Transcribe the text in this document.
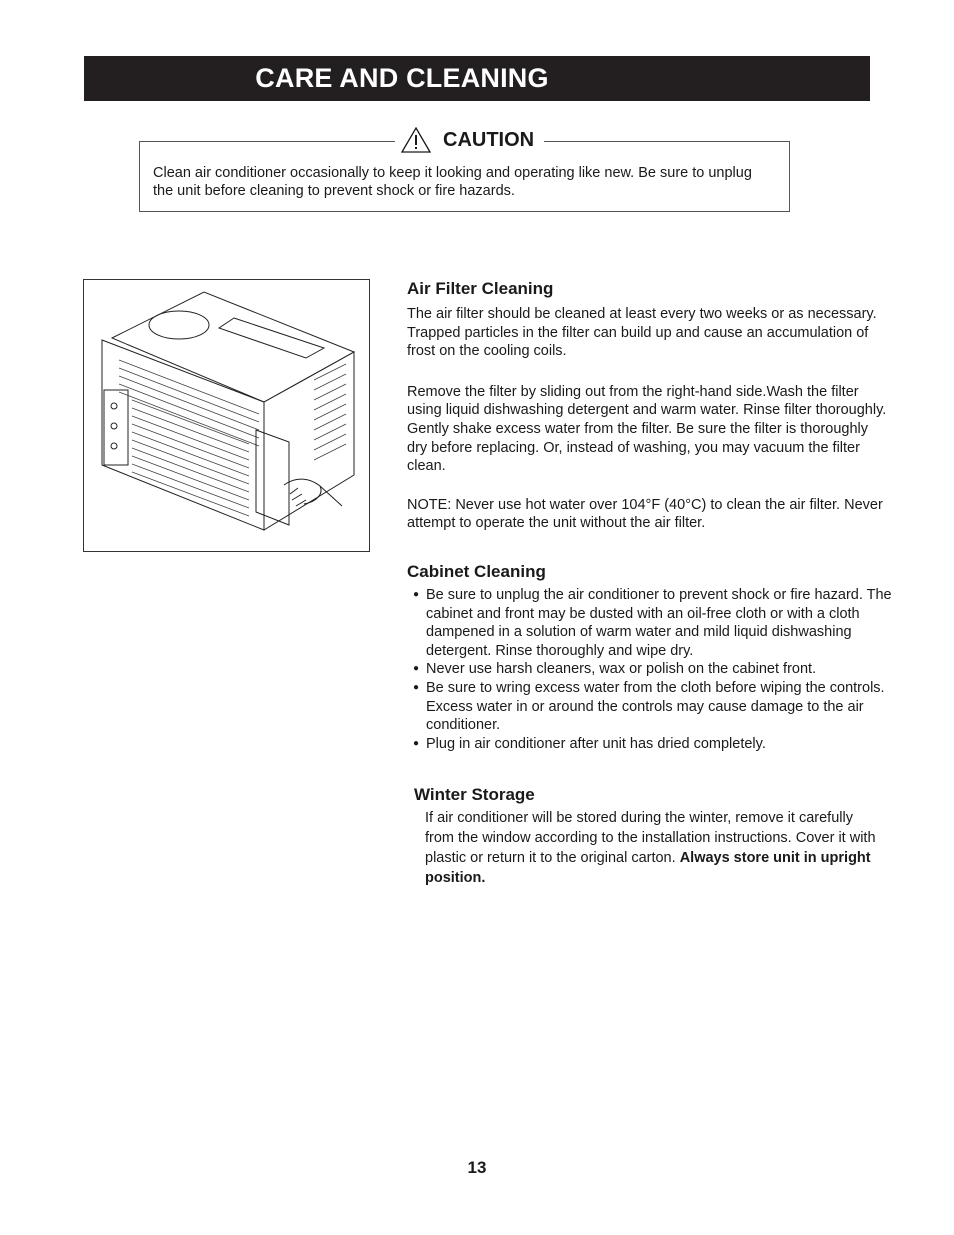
CARE AND CLEANING
CAUTION
Clean air conditioner occasionally to keep it looking and operating like new. Be sure to unplug the unit before cleaning to prevent shock or fire hazards.
Air Filter Cleaning

The air filter should be cleaned at least every two weeks or as necessary. Trapped particles in the filter can build up and cause an accumulation of frost on the cooling coils.

Remove the filter by sliding out from the right-hand side.Wash the filter using liquid dishwashing detergent and warm water. Rinse filter thoroughly. Gently shake excess water from the filter. Be sure the filter is thoroughly dry before replacing. Or, instead of washing, you may vacuum the filter clean.

NOTE: Never use hot water over 104°F (40°C) to clean the air filter. Never attempt to operate the unit without the air filter.

Cabinet Cleaning
● Be sure to unplug the air conditioner to prevent shock or fire hazard. The cabinet and front may be dusted with an oil-free cloth or with a cloth dampened in a solution of warm water and mild liquid dishwashing detergent. Rinse thoroughly and wipe dry.
● Never use harsh cleaners, wax or polish on the cabinet front.
● Be sure to wring excess water from the cloth before wiping the controls. Excess water in or around the controls may cause damage to the air conditioner.
● Plug in air conditioner after unit has dried completely.
Winter Storage
If air conditioner will be stored during the winter, remove it carefully from the window according to the installation instructions. Cover it with plastic or return it to the original carton. Always store unit in upright position.
13
